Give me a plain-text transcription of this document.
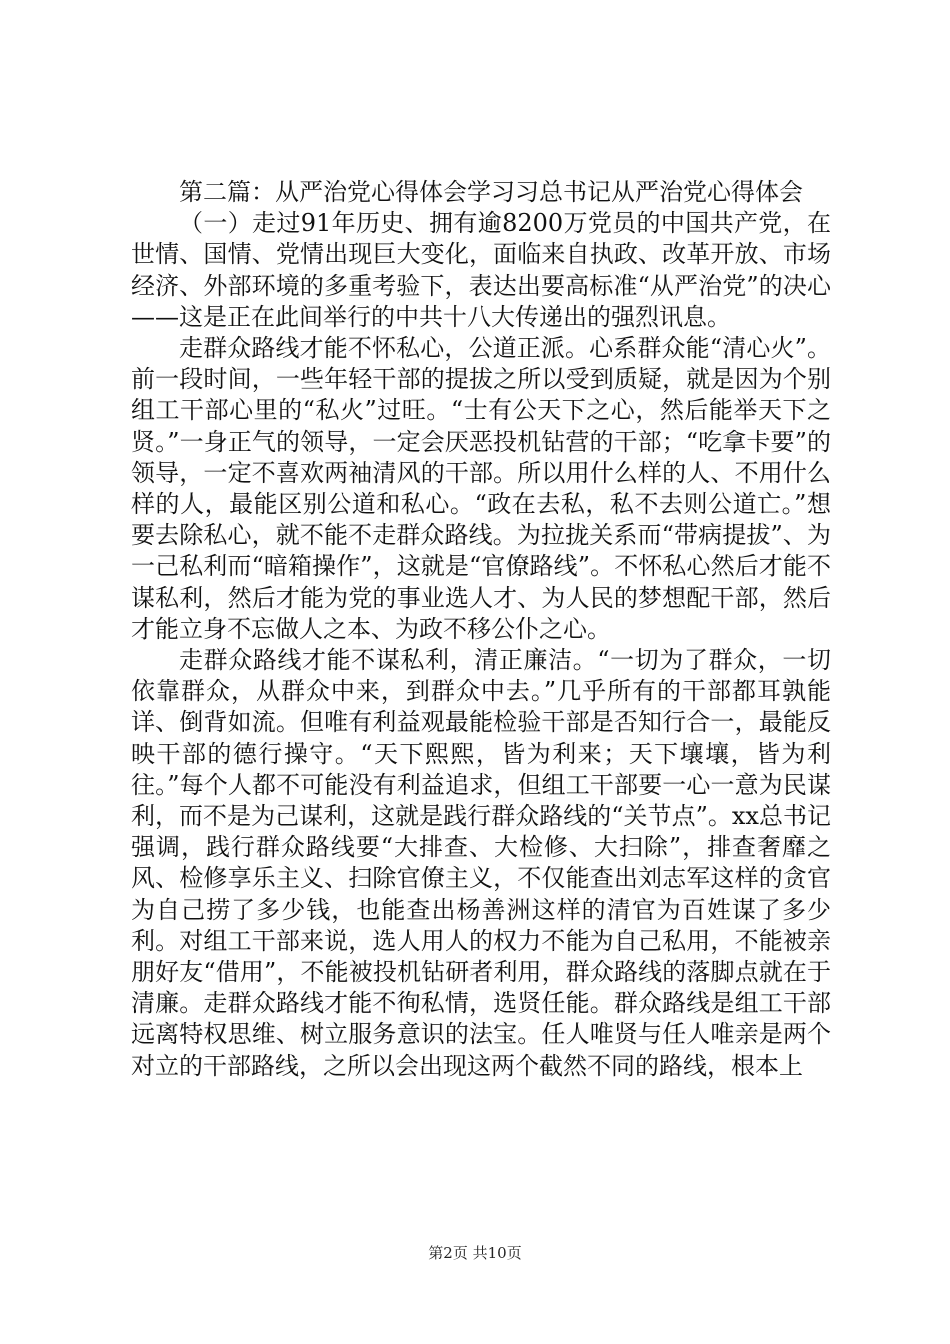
第二篇：从严治党心得体会学习习总书记从严治党心得体会

（一）走过91年历史、拥有逾8200万党员的中国共产党，在世情、国情、党情出现巨大变化，面临来自执政、改革开放、市场经济、外部环境的多重考验下，表达出要高标准“从严治党”的决心——这是正在此间举行的中共十八大传递出的强烈讯息。

走群众路线才能不怀私心，公道正派。心系群众能“清心火”。前一段时间，一些年轻干部的提拔之所以受到质疑，就是因为个别组工干部心里的“私火”过旺。“士有公天下之心，然后能举天下之贤。”一身正气的领导，一定会厌恶投机钻营的干部；“吃拿卡要”的领导，一定不喜欢两袖清风的干部。所以用什么样的人、不用什么样的人，最能区别公道和私心。“政在去私，私不去则公道亡。”想要去除私心，就不能不走群众路线。为拉拢关系而“带病提拔”、为一己私利而“暗箱操作”，这就是“官僚路线”。不怀私心然后才能不谋私利，然后才能为党的事业选人才、为人民的梦想配干部，然后才能立身不忘做人之本、为政不移公仆之心。

走群众路线才能不谋私利，清正廉洁。“一切为了群众，一切依靠群众，从群众中来，到群众中去。”几乎所有的干部都耳孰能详、倒背如流。但唯有利益观最能检验干部是否知行合一，最能反映干部的德行操守。“天下熙熙，皆为利来；天下壤壤，皆为利往。”每个人都不可能没有利益追求，但组工干部要一心一意为民谋利，而不是为己谋利，这就是践行群众路线的“关节点”。xx总书记强调，践行群众路线要“大排查、大检修、大扫除”，排查奢靡之风、检修享乐主义、扫除官僚主义，不仅能查出刘志军这样的贪官为自己捞了多少钱，也能查出杨善洲这样的清官为百姓谋了多少利。对组工干部来说，选人用人的权力不能为自己私用，不能被亲朋好友“借用”，不能被投机钻研者利用，群众路线的落脚点就在于清廉。走群众路线才能不徇私情，选贤任能。群众路线是组工干部远离特权思维、树立服务意识的法宝。任人唯贤与任人唯亲是两个对立的干部路线，之所以会出现这两个截然不同的路线，根本上

第2页 共10页
